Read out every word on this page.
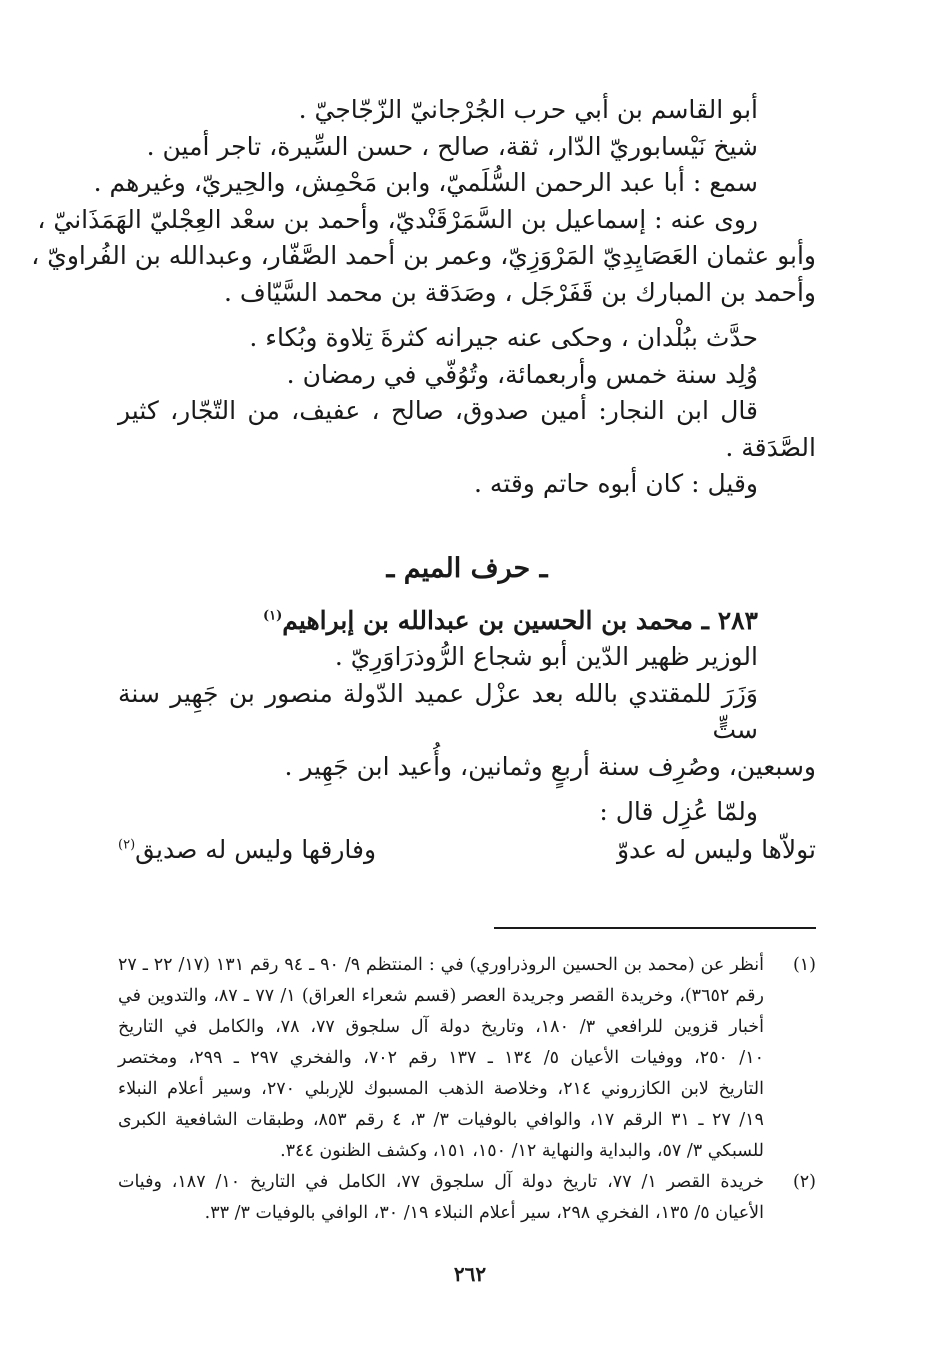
أبو القاسم بن أبي حرب الجُرْجانيّ الزّجّاجيّ .
شيخ نَيْسابوريّ الدّار، ثقة، صالح ، حسن السِّيرة، تاجر أمين .
سمع : أبا عبد الرحمن السُّلَميّ، وابن مَحْمِش، والحِيريّ، وغيرهم .
روى عنه : إسماعيل بن السَّمَرْقَنْديّ، وأحمد بن سعْد العِجْليّ الهَمَذَانيّ ،
وأبو عثمان العَصَايِدِيّ المَرْوَزِيّ، وعمر بن أحمد الصَّفّار، وعبدالله بن الفُراويّ ،
وأحمد بن المبارك بن قَفَرْجَل ، وصَدَقة بن محمد السَّيّاف .
حدَّث ببُلْدان ، وحكى عنه جيرانه كثرةَ تِلاوة وبُكاء .
وُلِد سنة خمس وأربعمائة، وتُوُفّي في رمضان .
قال ابن النجار: أمين صدوق، صالح ، عفيف، من التّجّار، كثير
الصَّدَقة .
وقيل : كان أبوه حاتم وقته .
ـ حرف الميم ـ
٢٨٣ ـ محمد بن الحسين بن عبدالله بن إبراهيم$^{(١)}$
الوزير ظهير الدّين أبو شجاع الرُّوذرَاوَرِيّ .
وَزَرَ للمقتدي بالله بعد عزْل عميد الدّولة منصور بن جَهِير سنة ستٍّ
وسبعين، وصُرِف سنة أربعٍ وثمانين، وأُعيد ابن جَهِير .
ولمّا عُزِل قال :
تولاّها وليس له عدوّ
وفارقها وليس له صديق$^{(٢)}$
(١)
أنظر عن (محمد بن الحسين الروذراوري) في : المنتظم ٩/ ٩٠ ـ ٩٤ رقم ١٣١ (١٧/ ٢٢ ـ ٢٧
رقم ٣٦٥٢)، وخريدة القصر وجريدة العصر (قسم شعراء العراق) ١/ ٧٧ ـ ٨٧، والتدوين في
أخبار قزوين للرافعي ٣/ ١٨٠، وتاريخ دولة آل سلجوق ٧٧، ٧٨، والكامل في التاريخ
١٠/ ٢٥٠، ووفيات الأعيان ٥/ ١٣٤ ـ ١٣٧ رقم ٧٠٢، والفخري ٢٩٧ ـ ٢٩٩، ومختصر
التاريخ لابن الكازروني ٢١٤، وخلاصة الذهب المسبوك للإربلي ٢٧٠، وسير أعلام النبلاء
١٩/ ٢٧ ـ ٣١ الرقم ١٧، والوافي بالوفيات ٣/ ٣، ٤ رقم ٨٥٣، وطبقات الشافعية الكبرى
للسبكي ٣/ ٥٧، والبداية والنهاية ١٢/ ١٥٠، ١٥١، وكشف الظنون ٣٤٤.
(٢)
خريدة القصر ١/ ٧٧، تاريخ دولة آل سلجوق ٧٧، الكامل في التاريخ ١٠/ ١٨٧، وفيات
الأعيان ٥/ ١٣٥، الفخري ٢٩٨، سير أعلام النبلاء ١٩/ ٣٠، الوافي بالوفيات ٣/ ٣٣.
٢٦٢
